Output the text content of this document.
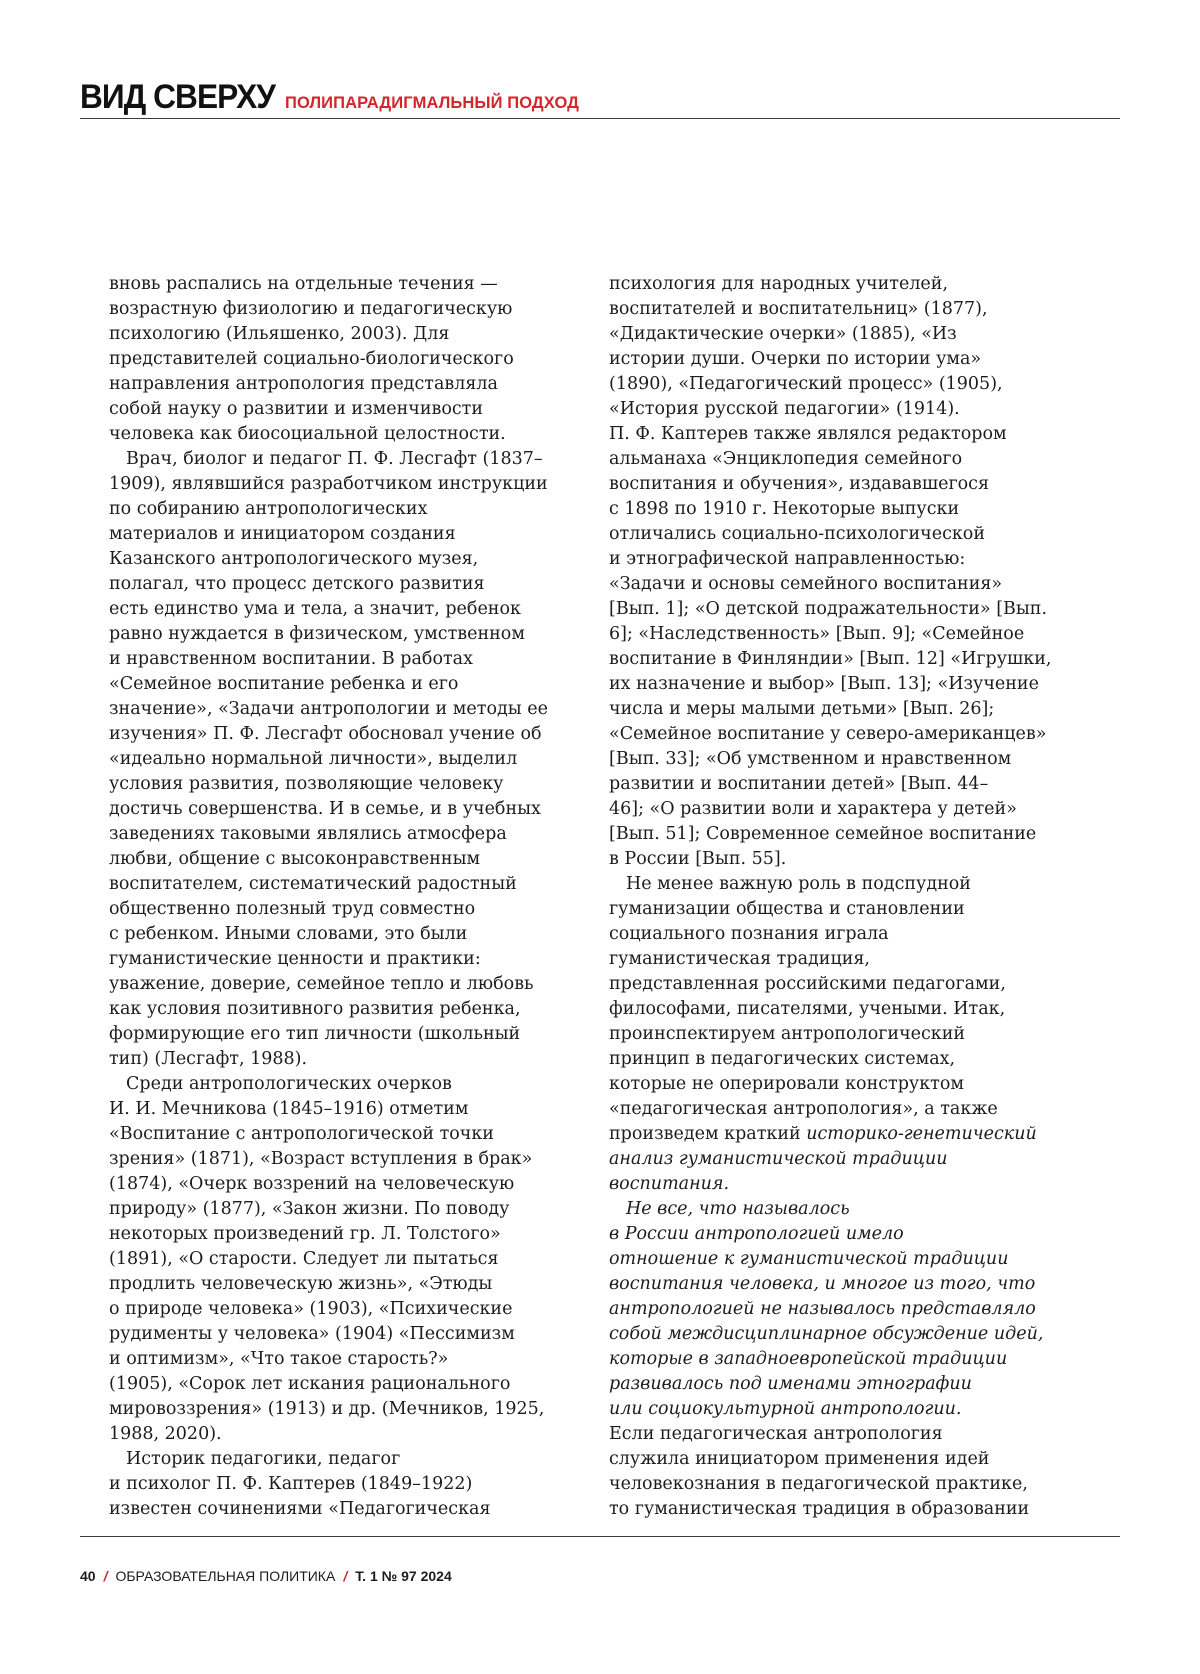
ВИД СВЕРХУ ПОЛИПАРАДИГМАЛЬНЫЙ ПОДХОД
вновь распались на отдельные течения —
возрастную физиологию и педагогическую
психологию (Ильяшенко, 2003). Для
представителей социально-биологического
направления антропология представляла
собой науку о развитии и изменчивости
человека как биосоциальной целостности.
Врач, биолог и педагог П. Ф. Лесгафт (1837–
1909), являвшийся разработчиком инструкции
по собиранию антропологических
материалов и инициатором создания
Казанского антропологического музея,
полагал, что процесс детского развития
есть единство ума и тела, а значит, ребенок
равно нуждается в физическом, умственном
и нравственном воспитании. В работах
«Семейное воспитание ребенка и его
значение», «Задачи антропологии и методы ее
изучения» П. Ф. Лесгафт обосновал учение об
«идеально нормальной личности», выделил
условия развития, позволяющие человеку
достичь совершенства. И в семье, и в учебных
заведениях таковыми являлись атмосфера
любви, общение с высоконравственным
воспитателем, систематический радостный
общественно полезный труд совместно
с ребенком. Иными словами, это были
гуманистические ценности и практики:
уважение, доверие, семейное тепло и любовь
как условия позитивного развития ребенка,
формирующие его тип личности (школьный
тип) (Лесгафт, 1988).
Среди антропологических очерков
И. И. Мечникова (1845–1916) отметим
«Воспитание с антропологической точки
зрения» (1871), «Возраст вступления в брак»
(1874), «Очерк воззрений на человеческую
природу» (1877), «Закон жизни. По поводу
некоторых произведений гр. Л. Толстого»
(1891), «О старости. Следует ли пытаться
продлить человеческую жизнь», «Этюды
о природе человека» (1903), «Психические
рудименты у человека» (1904) «Пессимизм
и оптимизм», «Что такое старость?»
(1905), «Сорок лет искания рационального
мировоззрения» (1913) и др. (Мечников, 1925,
1988, 2020).
Историк педагогики, педагог
и психолог П. Ф. Каптерев (1849–1922)
известен сочинениями «Педагогическая
психология для народных учителей,
воспитателей и воспитательниц» (1877),
«Дидактические очерки» (1885), «Из
истории души. Очерки по истории ума»
(1890), «Педагогический процесс» (1905),
«История русской педагогии» (1914).
П. Ф. Каптерев также являлся редактором
альманаха «Энциклопедия семейного
воспитания и обучения», издававшегося
с 1898 по 1910 г. Некоторые выпуски
отличались социально-психологической
и этнографической направленностью:
«Задачи и основы семейного воспитания»
[Вып. 1]; «О детской подражательности» [Вып.
6]; «Наследственность» [Вып. 9]; «Семейное
воспитание в Финляндии» [Вып. 12] «Игрушки,
их назначение и выбор» [Вып. 13]; «Изучение
числа и меры малыми детьми» [Вып. 26];
«Семейное воспитание у северо-американцев»
[Вып. 33]; «Об умственном и нравственном
развитии и воспитании детей» [Вып. 44–
46]; «О развитии воли и характера у детей»
[Вып. 51]; Современное семейное воспитание
в России [Вып. 55].
Не менее важную роль в подспудной
гуманизации общества и становлении
социального познания играла
гуманистическая традиция,
представленная российскими педагогами,
философами, писателями, учеными. Итак,
проинспектируем антропологический
принцип в педагогических системах,
которые не оперировали конструктом
«педагогическая антропология», а также
произведем краткий историко-генетический
анализ гуманистической традиции
воспитания.
Не все, что называлось
в России антропологией имело
отношение к гуманистической традиции
воспитания человека, и многое из того, что
антропологией не называлось представляло
собой междисциплинарное обсуждение идей,
которые в западноевропейской традиции
развивалось под именами этнографии
или социокультурной антропологии.
Если педагогическая антропология
служила инициатором применения идей
человекознания в педагогической практике,
то гуманистическая традиция в образовании
40 / ОБРАЗОВАТЕЛЬНАЯ ПОЛИТИКА / Т. 1 № 97 2024
